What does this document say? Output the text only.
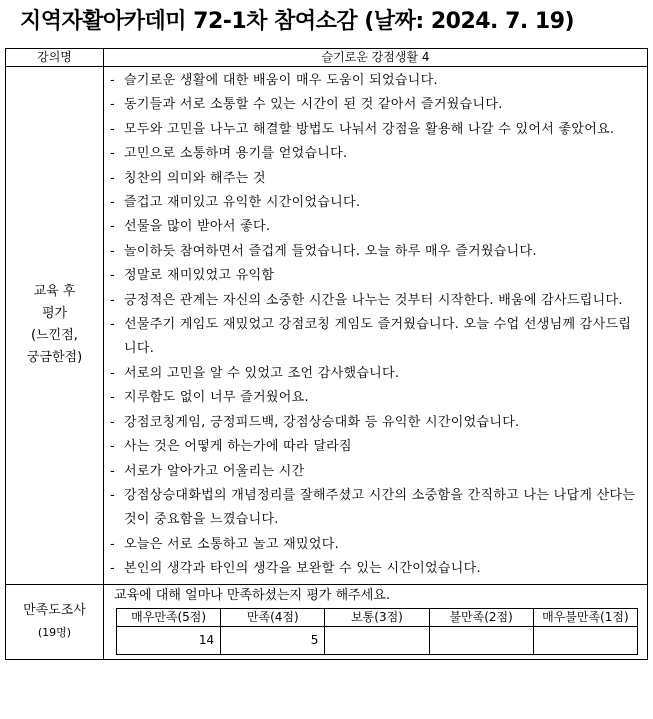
지역자활아카데미 72-1차 참여소감 (날짜: 2024. 7. 19)
강의명	슬기로운 강점생활 4

교육 후
평가
(느낀점,
궁금한점)

- 슬기로운 생활에 대한 배움이 매우 도움이 되었습니다.
- 동기들과 서로 소통할 수 있는 시간이 된 것 같아서 즐거웠습니다.
- 모두와 고민을 나누고 해결할 방법도 나눠서 강점을 활용해 나갈 수 있어서 좋았어요.
- 고민으로 소통하며 용기를 얻었습니다.
- 칭찬의 의미와 해주는 것
- 즐겁고 재미있고 유익한 시간이었습니다.
- 선물을 많이 받아서 좋다.
- 놀이하듯 참여하면서 즐겁게 들었습니다. 오늘 하루 매우 즐거웠습니다.
- 정말로 재미있었고 유익함
- 긍정적은 관계는 자신의 소중한 시간을 나누는 것부터 시작한다. 배움에 감사드립니다.
- 선물주기 게임도 재밌었고 강점코칭 게임도 즐거웠습니다. 오늘 수업 선생님께 감사드립니다.
- 서로의 고민을 알 수 있었고 조언 감사했습니다.
- 지루함도 없이 너무 즐거웠어요.
- 강점코칭게임, 긍정피드백, 강점상승대화 등 유익한 시간이었습니다.
- 사는 것은 어떻게 하는가에 따라 달라짐
- 서로가 알아가고 어울리는 시간
- 강점상승대화법의 개념정리를 잘해주셨고 시간의 소중함을 간직하고 나는 나답게 산다는 것이 중요함을 느꼈습니다.
- 오늘은 서로 소통하고 놀고 재밌었다.
- 본인의 생각과 타인의 생각을 보완할 수 있는 시간이었습니다.

만족도조사
(19명)

교육에 대해 얼마나 만족하셨는지 평가 해주세요.
매우만족(5점)	만족(4점)	보통(3점)	불만족(2점)	매우불만족(1점)
14	5			
